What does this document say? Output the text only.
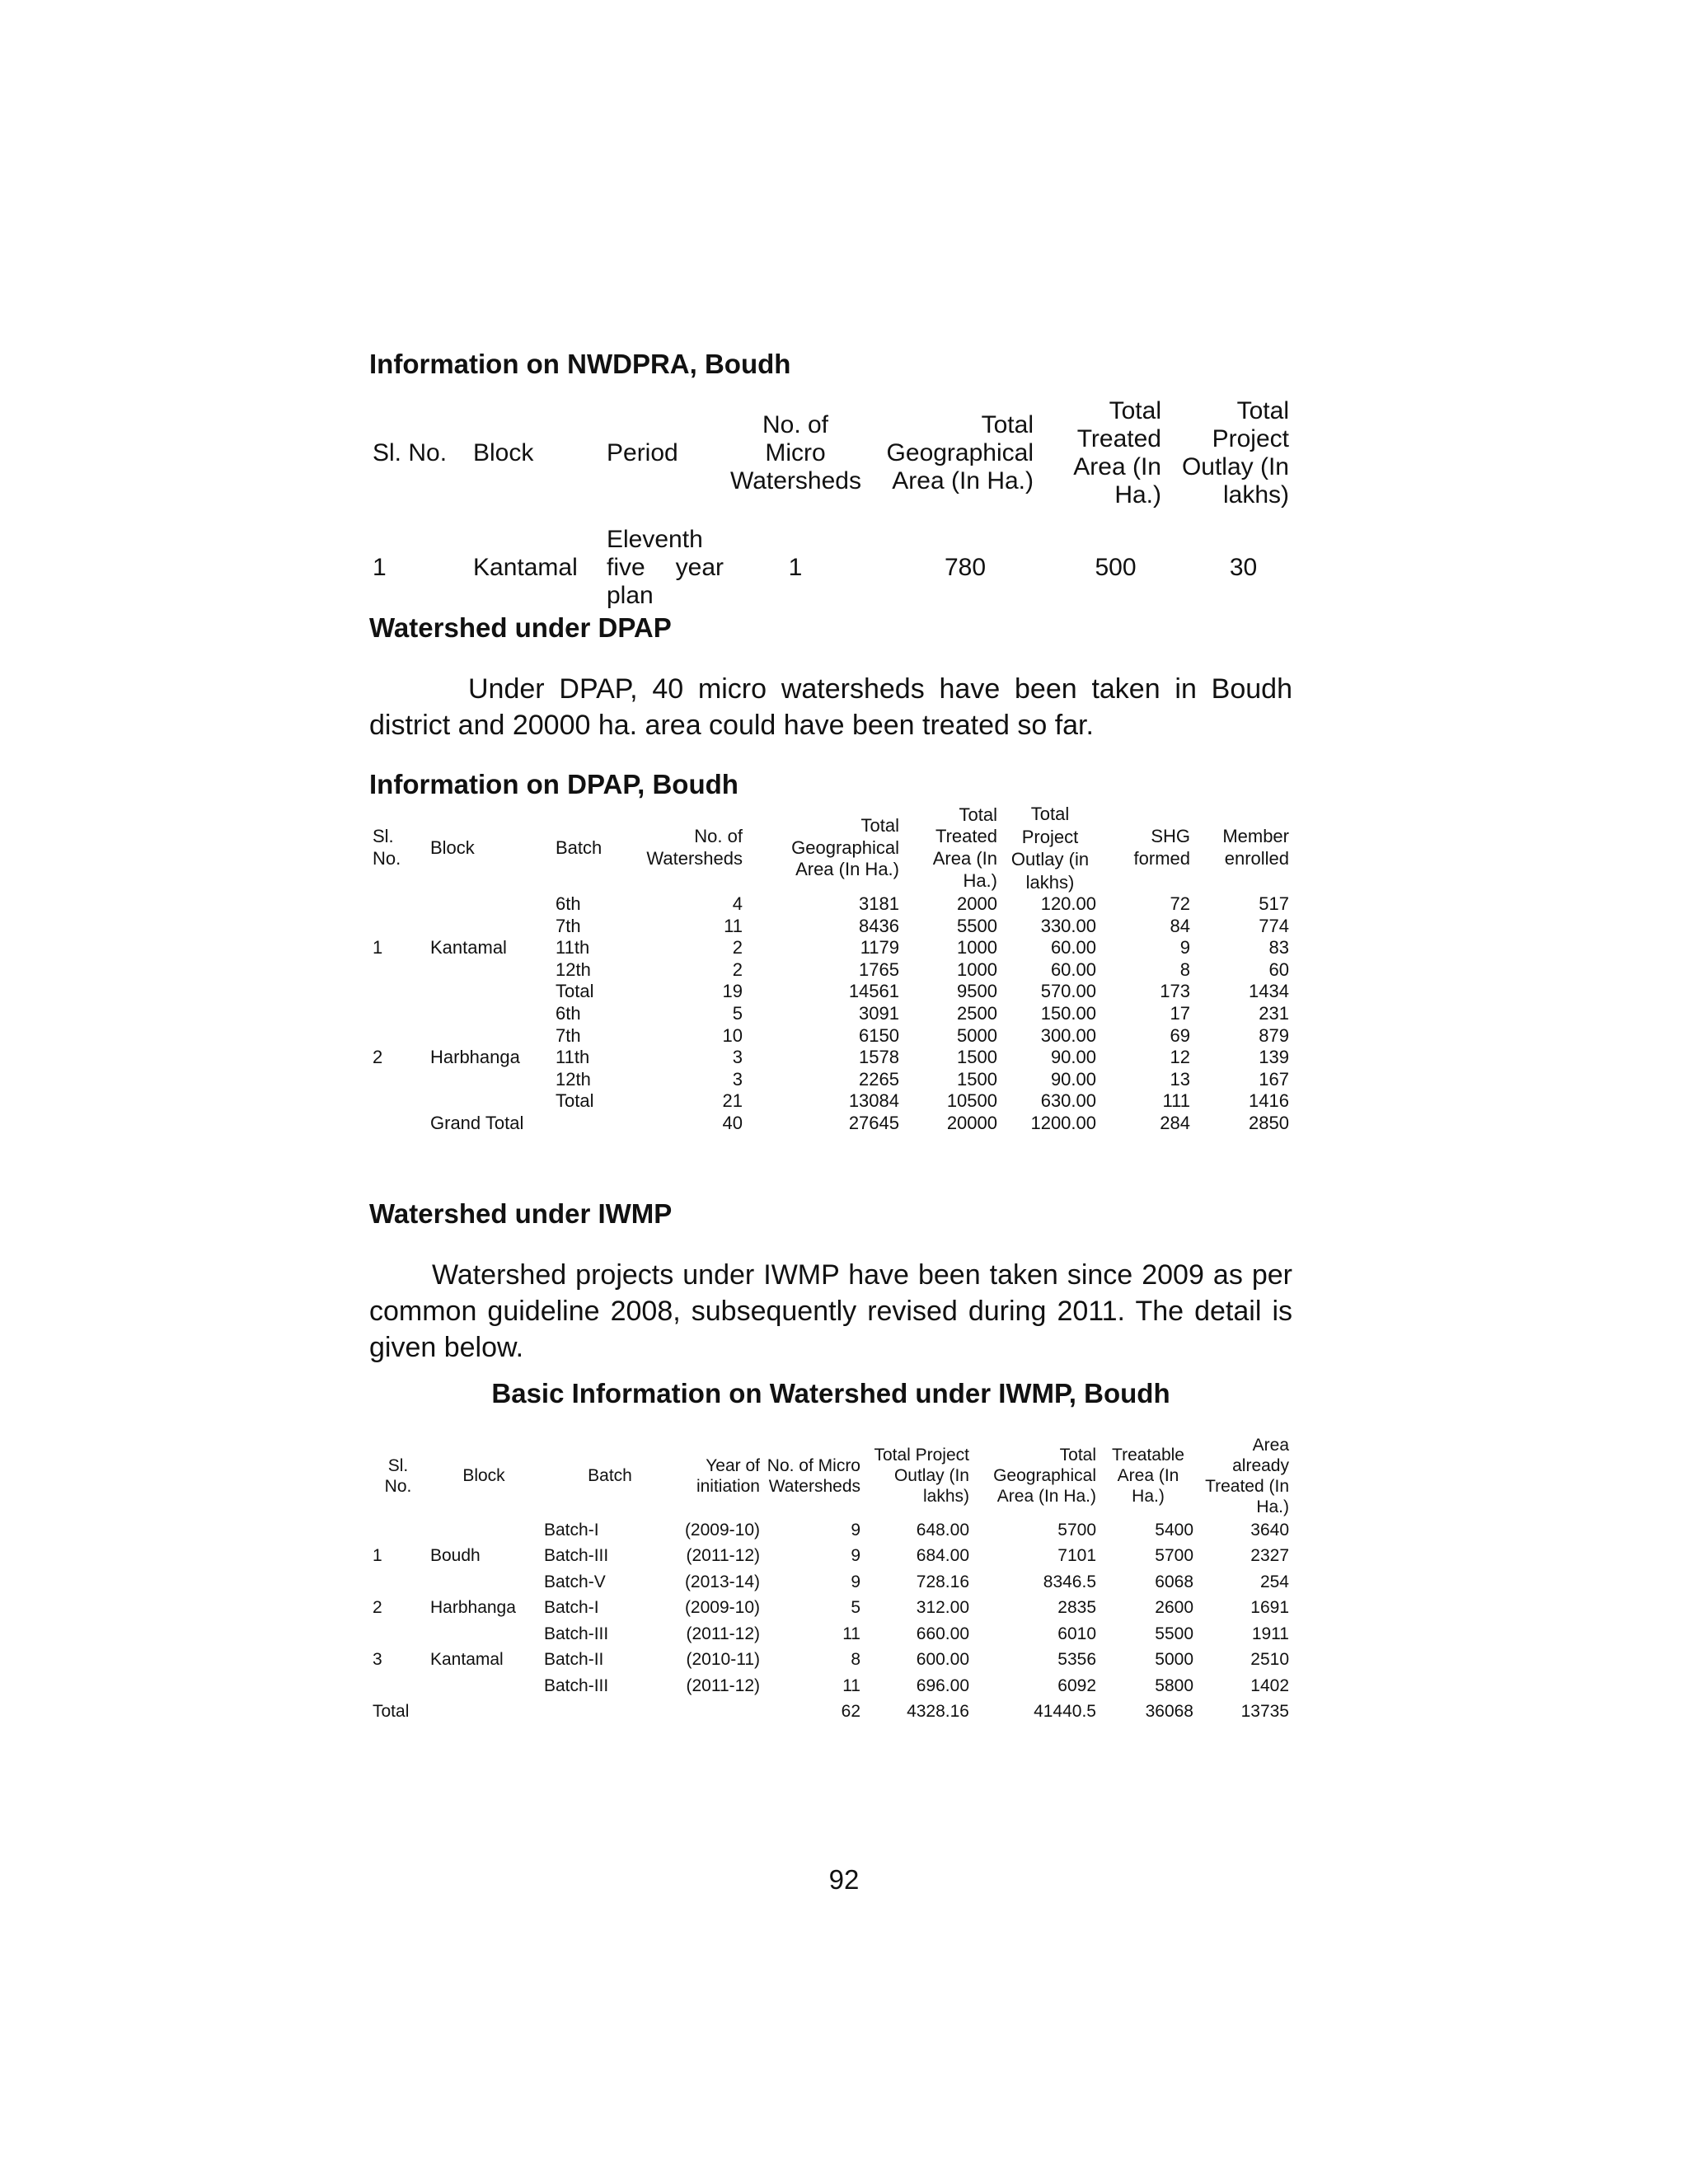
Information on NWDPRA, Boudh
Sl. No.	Block	Period	No. of Micro Watersheds	Total Geographical Area (In Ha.)	Total Treated Area (In Ha.)	Total Project Outlay (In lakhs)
1	Kantamal	Eleventh five year plan	1	780	500	30
Watershed under DPAP

Under DPAP, 40 micro watersheds have been taken in Boudh district and 20000 ha. area could have been treated so far.

Information on DPAP, Boudh
Sl. No.	Block	Batch	No. of Watersheds	Total Geographical Area (In Ha.)	Total Treated Area (In Ha.)	Total Project Outlay (in lakhs)	SHG formed	Member enrolled
		6th	4	3181	2000	120.00	72	517
		7th	11	8436	5500	330.00	84	774
1	Kantamal	11th	2	1179	1000	60.00	9	83
		12th	2	1765	1000	60.00	8	60
		Total	19	14561	9500	570.00	173	1434
		6th	5	3091	2500	150.00	17	231
		7th	10	6150	5000	300.00	69	879
2	Harbhanga	11th	3	1578	1500	90.00	12	139
		12th	3	2265	1500	90.00	13	167
		Total	21	13084	10500	630.00	111	1416
	Grand Total		40	27645	20000	1200.00	284	2850
Watershed under IWMP

Watershed projects under IWMP have been taken since 2009 as per common guideline 2008, subsequently revised during 2011. The detail is given below.

Basic Information on Watershed under IWMP, Boudh
Sl. No.	Block	Batch	Year of initiation	No. of Micro Watersheds	Total Project Outlay (In lakhs)	Total Geographical Area (In Ha.)	Treatable Area (In Ha.)	Area already Treated (In Ha.)
		Batch-I	(2009-10)	9	648.00	5700	5400	3640
1	Boudh	Batch-III	(2011-12)	9	684.00	7101	5700	2327
		Batch-V	(2013-14)	9	728.16	8346.5	6068	254
2	Harbhanga	Batch-I	(2009-10)	5	312.00	2835	2600	1691
		Batch-III	(2011-12)	11	660.00	6010	5500	1911
3	Kantamal	Batch-II	(2010-11)	8	600.00	5356	5000	2510
		Batch-III	(2011-12)	11	696.00	6092	5800	1402
Total				62	4328.16	41440.5	36068	13735
92
